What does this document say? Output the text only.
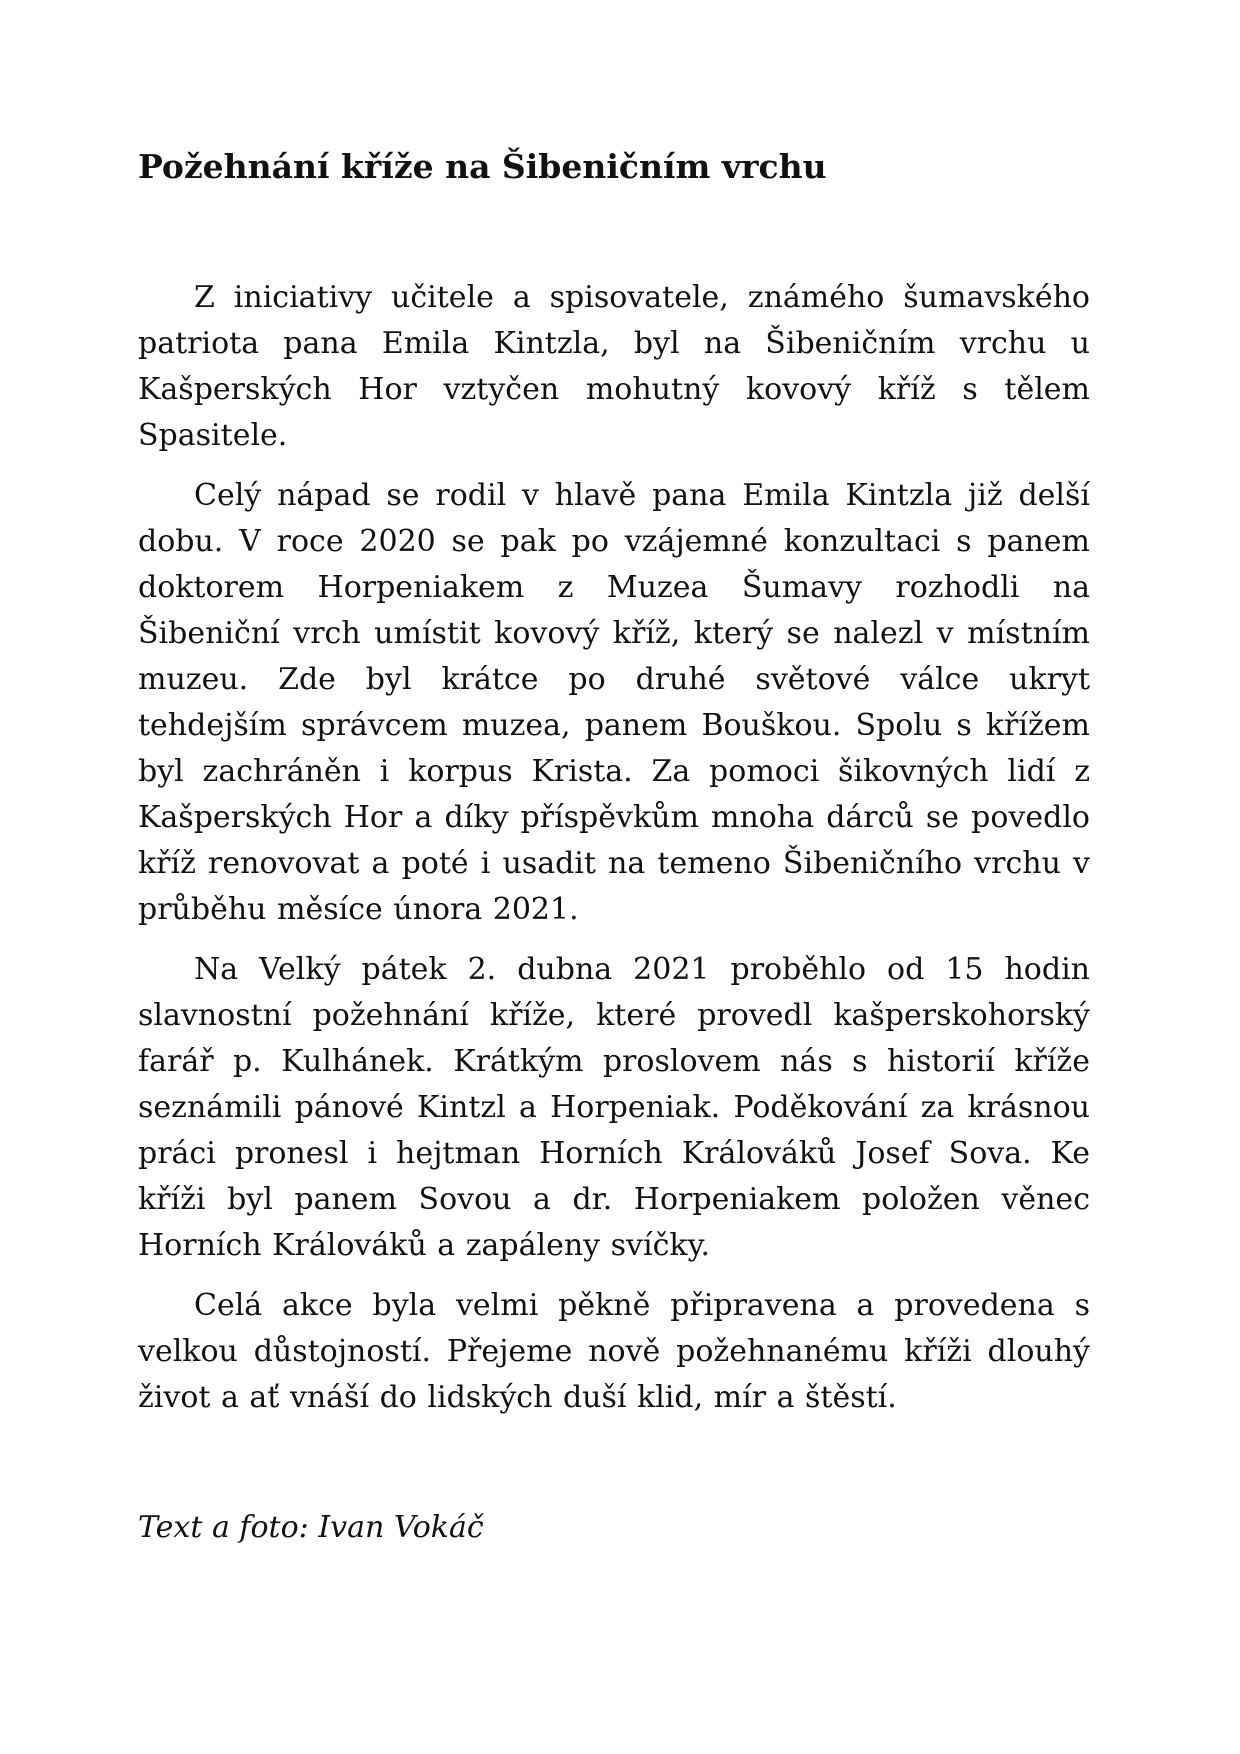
Požehnání kříže na Šibeničním vrchu

Z iniciativy učitele a spisovatele, známého šumavského patriota pana Emila Kintzla, byl na Šibeničním vrchu u Kašperských Hor vztyčen mohutný kovový kříž s tělem Spasitele.

Celý nápad se rodil v hlavě pana Emila Kintzla již delší dobu. V roce 2020 se pak po vzájemné konzultaci s panem doktorem Horpeniakem z Muzea Šumavy rozhodli na Šibeniční vrch umístit kovový kříž, který se nalezl v místním muzeu. Zde byl krátce po druhé světové válce ukryt tehdejším správcem muzea, panem Bouškou. Spolu s křížem byl zachráněn i korpus Krista. Za pomoci šikovných lidí z Kašperských Hor a díky příspěvkům mnoha dárců se povedlo kříž renovovat a poté i usadit na temeno Šibeničního vrchu v průběhu měsíce února 2021.

Na Velký pátek 2. dubna 2021 proběhlo od 15 hodin slavnostní požehnání kříže, které provedl kašperskohorský farář p. Kulhánek. Krátkým proslovem nás s historií kříže seznámili pánové Kintzl a Horpeniak. Poděkování za krásnou práci pronesl i hejtman Horních Králováků Josef Sova. Ke kříži byl panem Sovou a dr. Horpeniakem položen věnec Horních Králováků a zapáleny svíčky.

Celá akce byla velmi pěkně připravena a provedena s velkou důstojností. Přejeme nově požehnanému kříži dlouhý život a ať vnáší do lidských duší klid, mír a štěstí.

Text a foto: Ivan Vokáč
